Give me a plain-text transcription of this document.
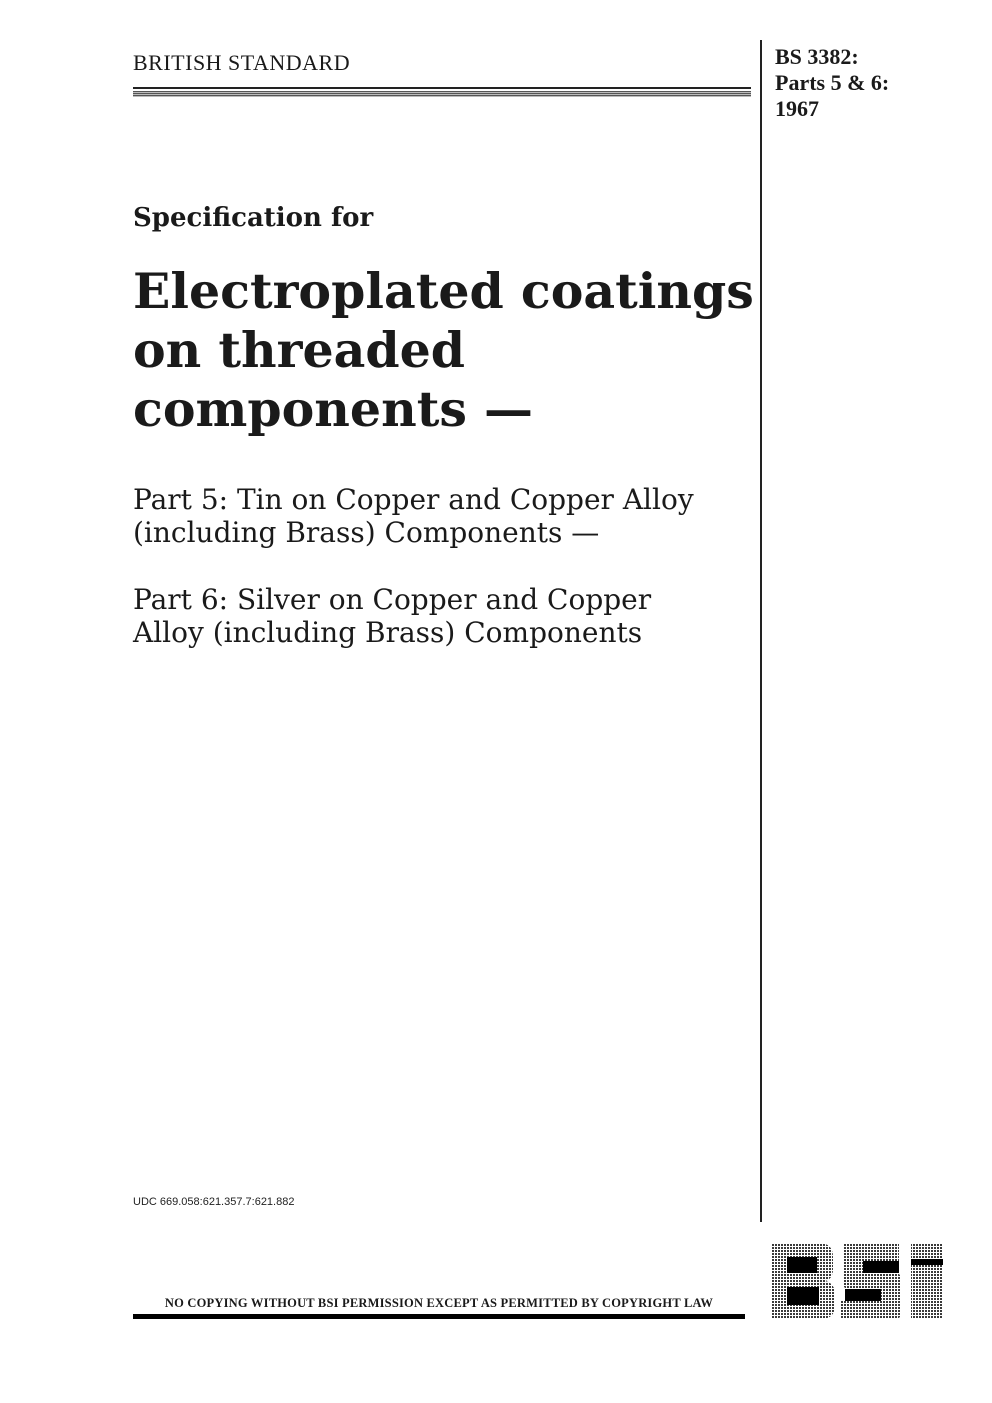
BRITISH STANDARD	BS 3382:
Parts 5 & 6:
1967
Specification for
Electroplated coatings
on threaded
components —
Part 5: Tin on Copper and Copper Alloy
(including Brass) Components —
Part 6: Silver on Copper and Copper
Alloy (including Brass) Components
UDC 669.058:621.357.7:621.882
NO COPYING WITHOUT BSI PERMISSION EXCEPT AS PERMITTED BY COPYRIGHT LAW
